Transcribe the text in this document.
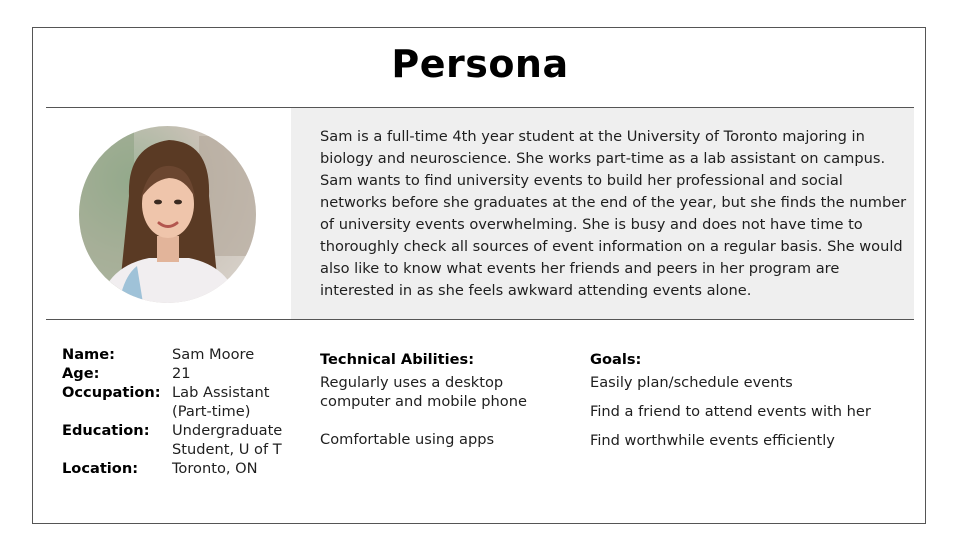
Persona
Sam is a full-time 4th year student at the University of Toronto majoring in biology and neuroscience. She works part-time as a lab assistant on campus. Sam wants to find university events to build her professional and social networks before she graduates at the end of the year, but she finds the number of university events overwhelming. She is busy and does not have time to thoroughly check all sources of event information on a regular basis. She would also like to know what events her friends and peers in her program are interested in as she feels awkward attending events alone.
Name:	Sam Moore
Age:	21
Occupation: Lab Assistant (Part-time)
Education:	Undergraduate Student, U of T
Location:	Toronto, ON
Technical Abilities:
Regularly uses a desktop computer and mobile phone
Comfortable using apps
Goals:
Easily plan/schedule events
Find a friend to attend events with her
Find worthwhile events efficiently
